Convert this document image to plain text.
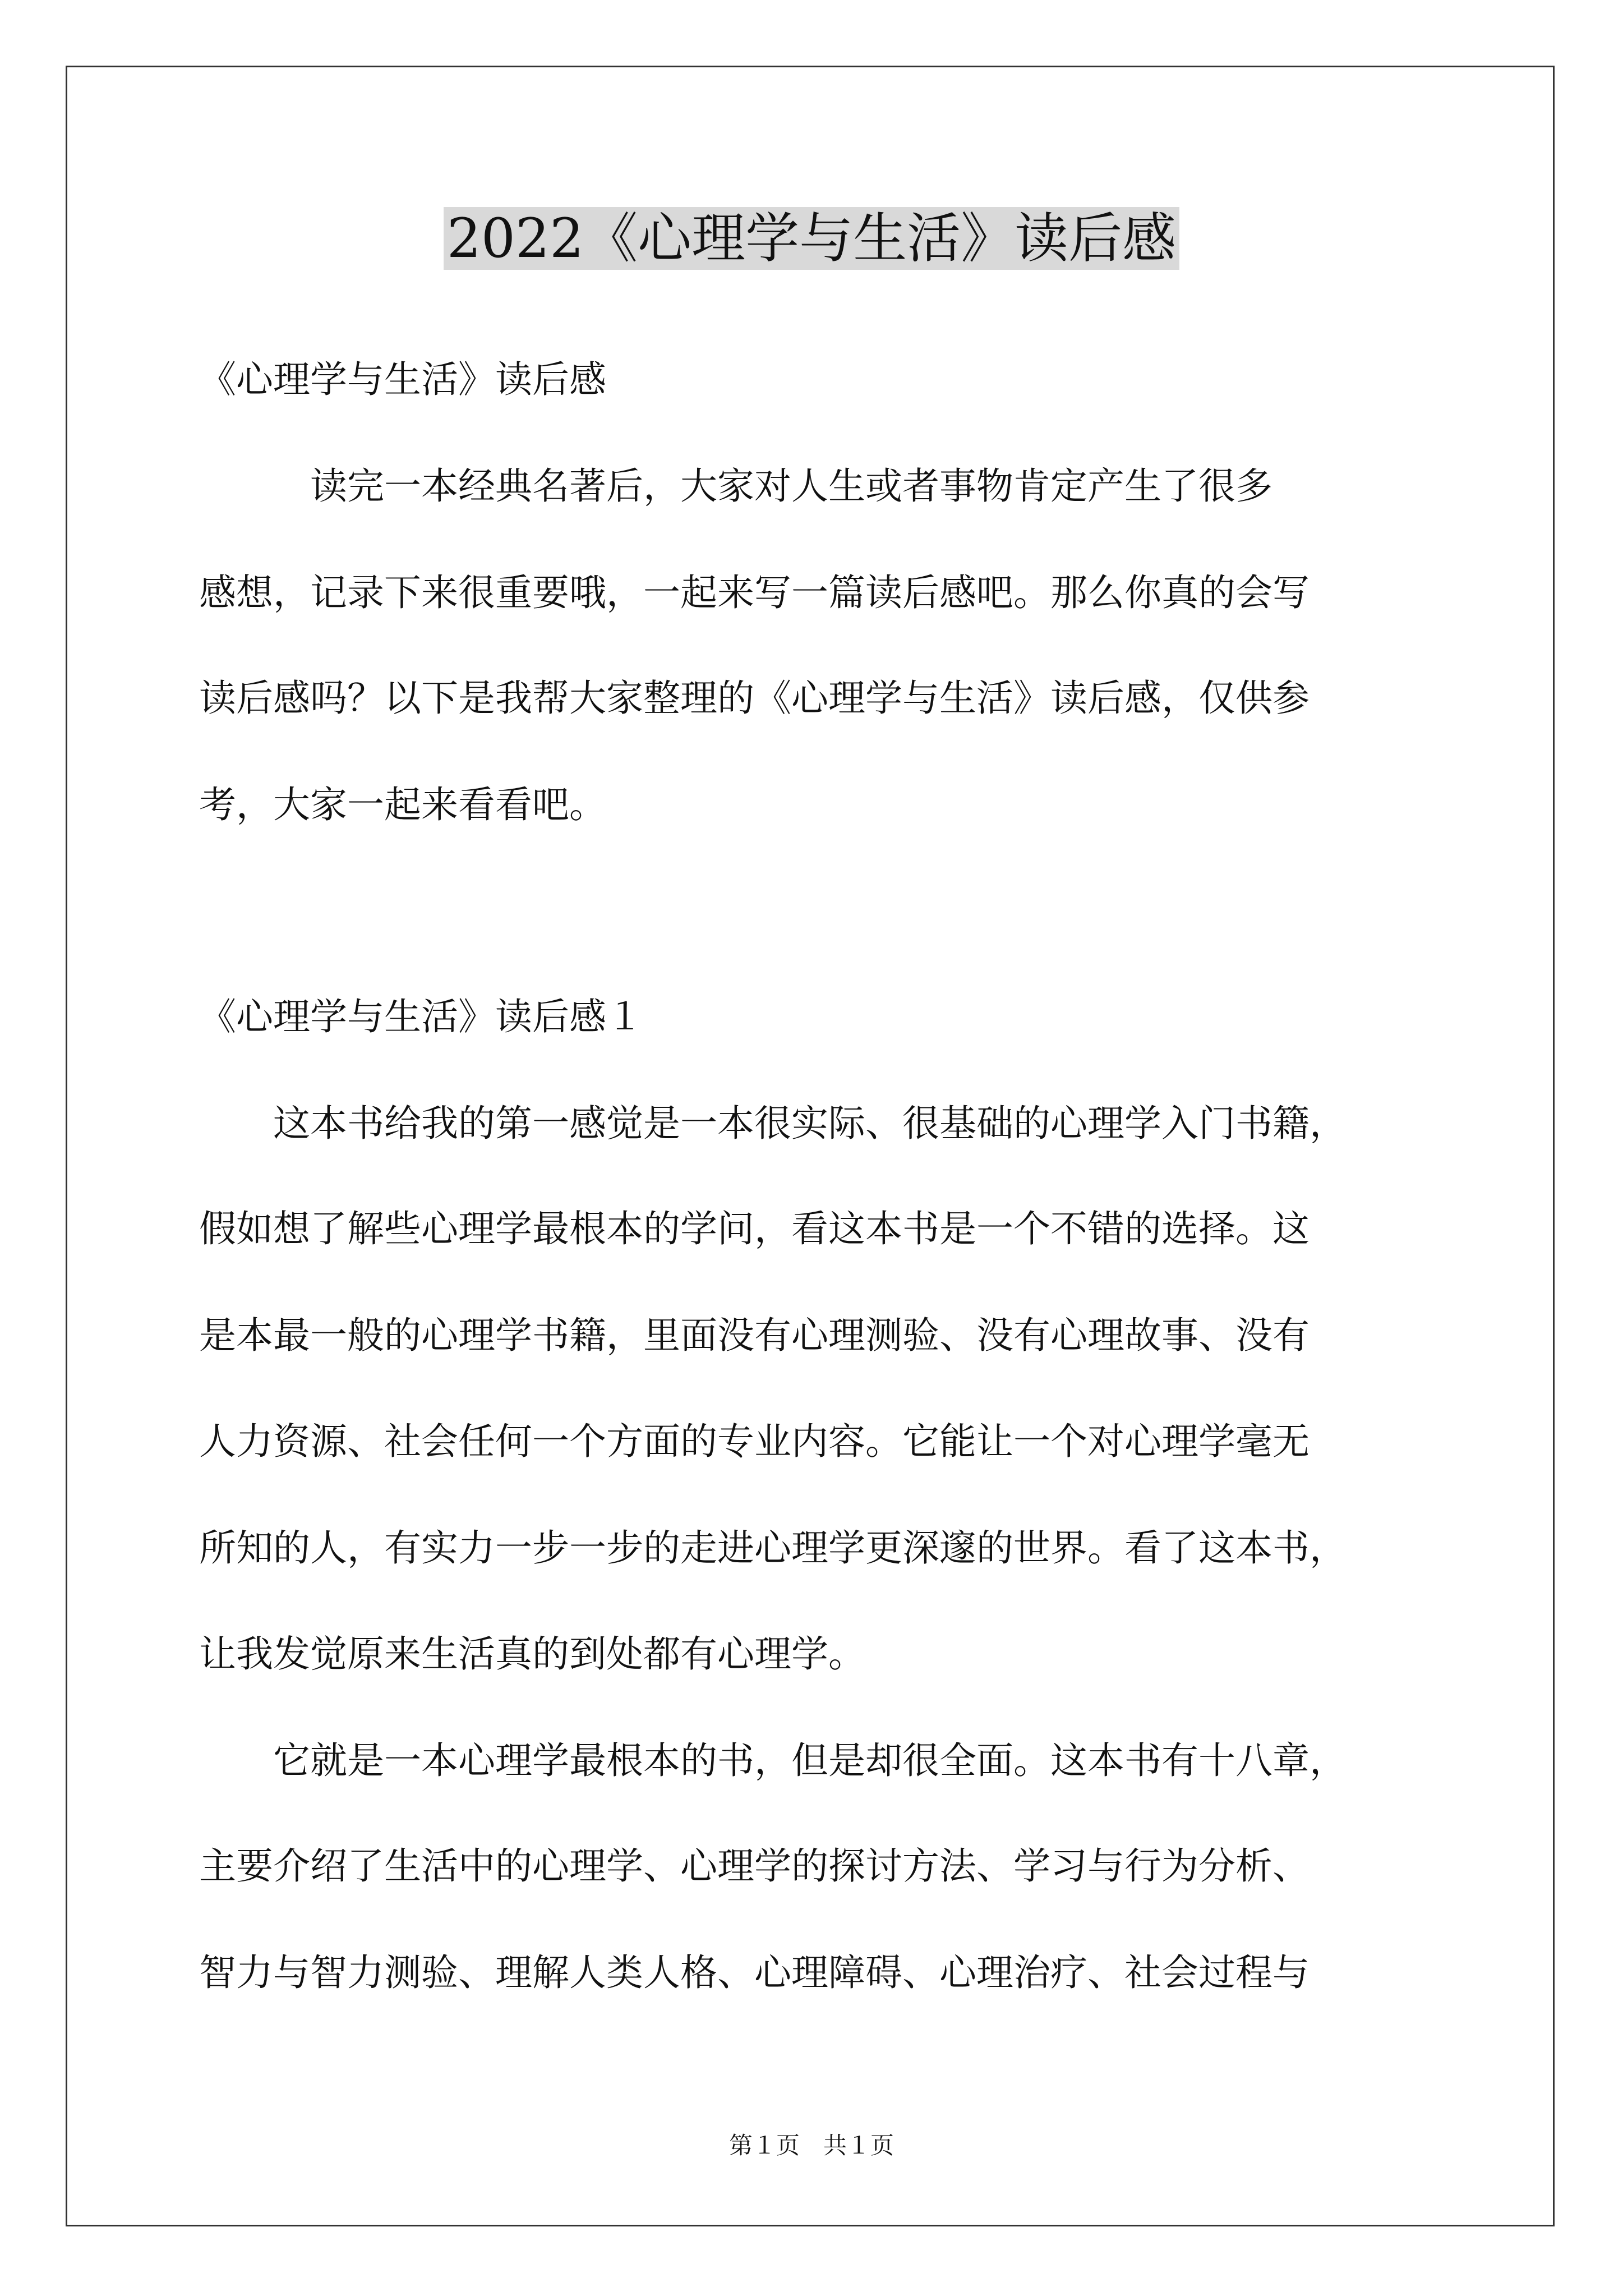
2022《心理学与生活》读后感
《心理学与生活》读后感
　　　读完一本经典名著后，大家对人生或者事物肯定产生了很多
感想，记录下来很重要哦，一起来写一篇读后感吧。那么你真的会写
读后感吗？以下是我帮大家整理的《心理学与生活》读后感，仅供参
考，大家一起来看看吧。
《心理学与生活》读后感１
　　这本书给我的第一感觉是一本很实际、很基础的心理学入门书籍，
假如想了解些心理学最根本的学问，看这本书是一个不错的选择。这
是本最一般的心理学书籍，里面没有心理测验、没有心理故事、没有
人力资源、社会任何一个方面的专业内容。它能让一个对心理学毫无
所知的人，有实力一步一步的走进心理学更深邃的世界。看了这本书，
让我发觉原来生活真的到处都有心理学。
　　它就是一本心理学最根本的书，但是却很全面。这本书有十八章，
主要介绍了生活中的心理学、心理学的探讨方法、学习与行为分析、
智力与智力测验、理解人类人格、心理障碍、心理治疗、社会过程与
第１页　共１页
